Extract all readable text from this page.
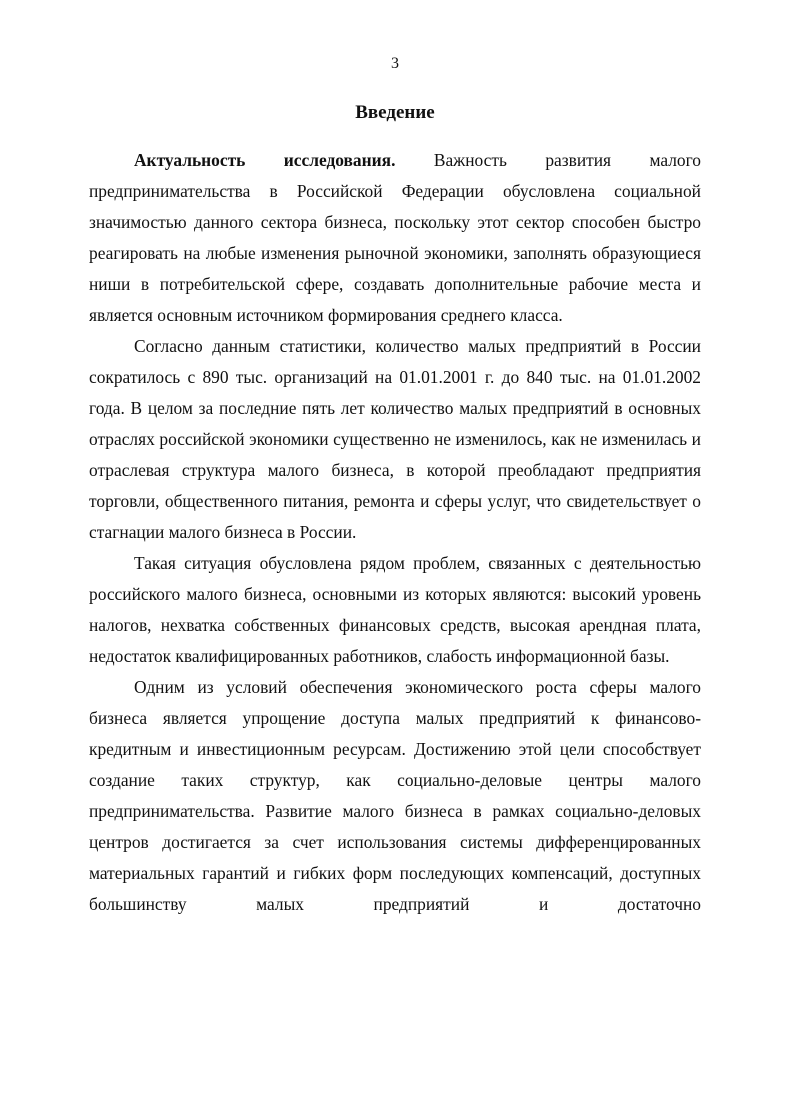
3
Введение

Актуальность исследования. Важность развития малого предпринимательства в Российской Федерации обусловлена социальной значимостью данного сектора бизнеса, поскольку этот сектор способен быстро реагировать на любые изменения рыночной экономики, заполнять образующиеся ниши в потребительской сфере, создавать дополнительные рабочие места и является основным источником формирования среднего класса.

Согласно данным статистики, количество малых предприятий в России сократилось с 890 тыс. организаций на 01.01.2001 г. до 840 тыс. на 01.01.2002 года. В целом за последние пять лет количество малых предприятий в основных отраслях российской экономики существенно не изменилось, как не изменилась и отраслевая структура малого бизнеса, в которой преобладают предприятия торговли, общественного питания, ремонта и сферы услуг, что свидетельствует о стагнации малого бизнеса в России.

Такая ситуация обусловлена рядом проблем, связанных с деятельностью российского малого бизнеса, основными из которых являются: высокий уровень налогов, нехватка собственных финансовых средств, высокая арендная плата, недостаток квалифицированных работников, слабость информационной базы.

Одним из условий обеспечения экономического роста сферы малого бизнеса является упрощение доступа малых предприятий к финансово-кредитным и инвестиционным ресурсам. Достижению этой цели способствует создание таких структур, как социально-деловые центры малого предпринимательства. Развитие малого бизнеса в рамках социально-деловых центров достигается за счет использования системы дифференцированных материальных гарантий и гибких форм последующих компенсаций, доступных большинству малых предприятий и достаточно
